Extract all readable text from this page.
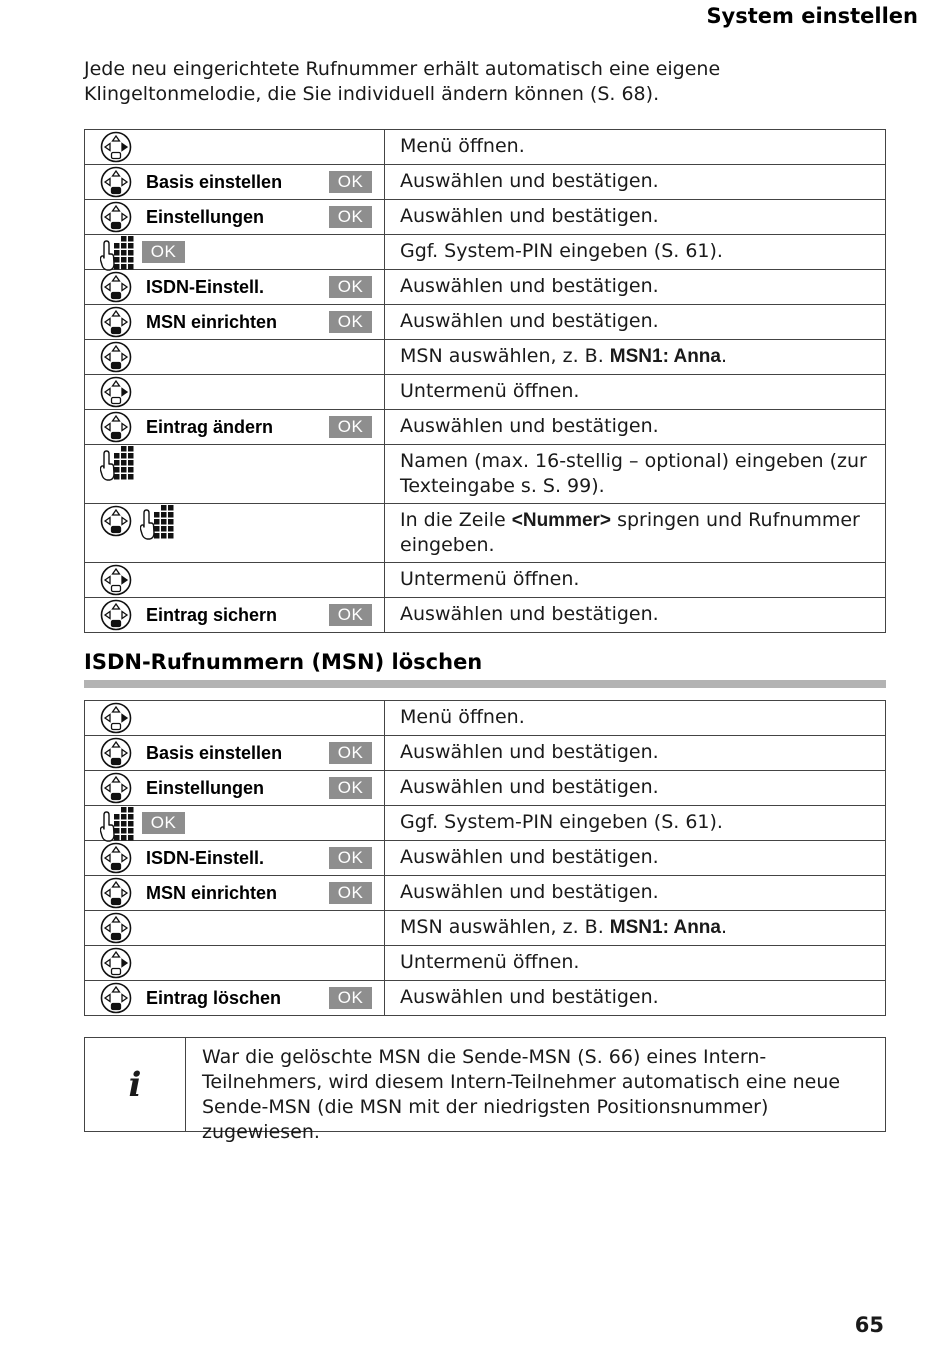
System einstellen

Jede neu eingerichtete Rufnummer erhält automatisch eine eigene Klingeltonmelodie, die Sie individuell ändern können (S. 68).

	Menü öffnen.

Basis einstellen OK	Auswählen und bestätigen.

Einstellungen OK	Auswählen und bestätigen.

OK	Ggf. System-PIN eingeben (S. 61).

ISDN-Einstell. OK	Auswählen und bestätigen.

MSN einrichten OK	Auswählen und bestätigen.

	MSN auswählen, z. B. MSN1: Anna.

	Untermenü öffnen.

Eintrag ändern OK	Auswählen und bestätigen.

	Namen (max. 16-stellig – optional) eingeben (zur Texteingabe s. S. 99).

	In die Zeile <Nummer> springen und Rufnummer eingeben.

	Untermenü öffnen.

Eintrag sichern OK	Auswählen und bestätigen.
ISDN-Rufnummern (MSN) löschen
	Menü öffnen.

Basis einstellen OK	Auswählen und bestätigen.

Einstellungen OK	Auswählen und bestätigen.

OK	Ggf. System-PIN eingeben (S. 61).

ISDN-Einstell. OK	Auswählen und bestätigen.

MSN einrichten OK	Auswählen und bestätigen.

	MSN auswählen, z. B. MSN1: Anna.

	Untermenü öffnen.

Eintrag löschen OK	Auswählen und bestätigen.
i

War die gelöschte MSN die Sende-MSN (S. 66) eines Intern-Teilnehmers, wird diesem Intern-Teilnehmer automatisch eine neue Sende-MSN (die MSN mit der niedrigsten Positionsnummer) zugewiesen.

65
